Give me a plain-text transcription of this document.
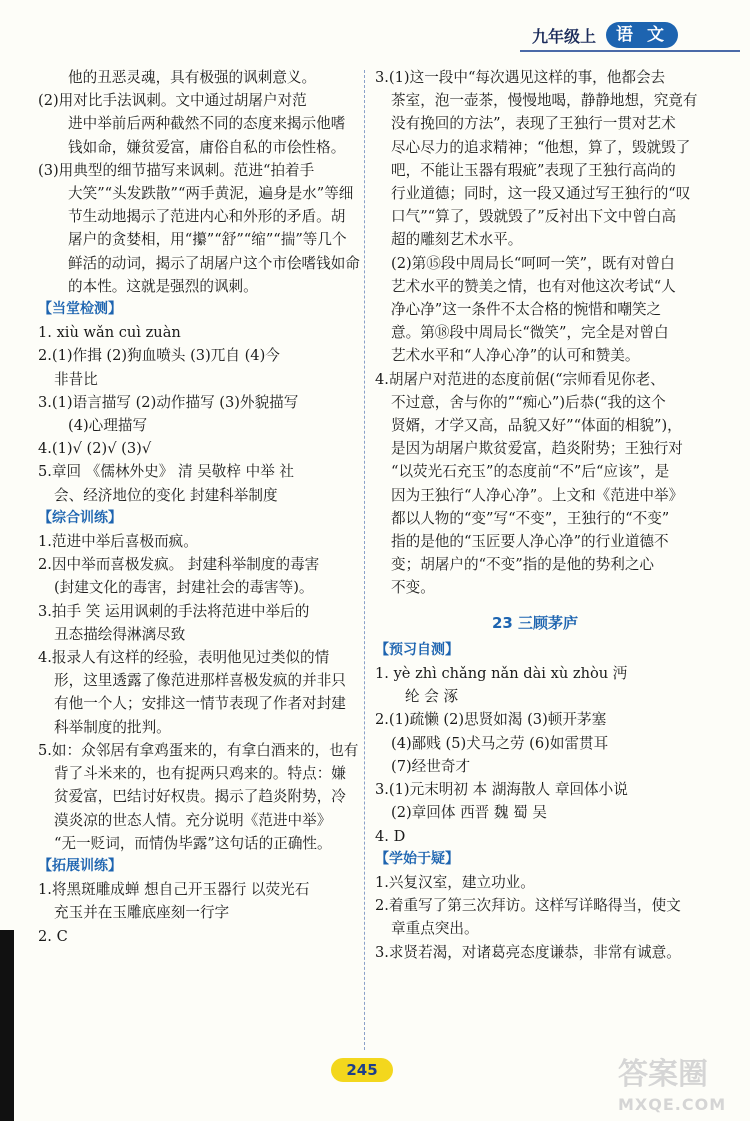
九年级上	语 文
他的丑恶灵魂，具有极强的讽刺意义。
(2)用对比手法讽刺。文中通过胡屠户对范
进中举前后两种截然不同的态度来揭示他嗜
钱如命，嫌贫爱富，庸俗自私的市侩性格。
(3)用典型的细节描写来讽刺。范进“拍着手
大笑”“头发跌散”“两手黄泥，遍身是水”等细
节生动地揭示了范进内心和外形的矛盾。胡
屠户的贪婪相，用“攥”“舒”“缩”“揣”等几个
鲜活的动词，揭示了胡屠户这个市侩嗜钱如命
的本性。这就是强烈的讽刺。
【当堂检测】
1. xiù wǎn cuì zuàn
2.(1)作揖 (2)狗血喷头 (3)兀自 (4)今
非昔比
3.(1)语言描写 (2)动作描写 (3)外貌描写
(4)心理描写
4.(1)√ (2)√ (3)√
5.章回 《儒林外史》 清 吴敬梓 中举 社
会、经济地位的变化 封建科举制度
【综合训练】
1.范进中举后喜极而疯。
2.因中举而喜极发疯。 封建科举制度的毒害
(封建文化的毒害，封建社会的毒害等)。
3.拍手 笑 运用讽刺的手法将范进中举后的
丑态描绘得淋漓尽致
4.报录人有这样的经验，表明他见过类似的情
形，这里透露了像范进那样喜极发疯的并非只
有他一个人；安排这一情节表现了作者对封建
科举制度的批判。
5.如：众邻居有拿鸡蛋来的，有拿白酒来的，也有
背了斗米来的，也有捉两只鸡来的。特点：嫌
贫爱富，巴结讨好权贵。揭示了趋炎附势，冷
漠炎凉的世态人情。充分说明《范进中举》
“无一贬词，而情伪毕露”这句话的正确性。
【拓展训练】
1.将黑斑雕成蝉 想自己开玉器行 以荧光石
充玉并在玉雕底座刻一行字
2. C
3.(1)这一段中“每次遇见这样的事，他都会去
茶室，泡一壶茶，慢慢地喝，静静地想，究竟有
没有挽回的方法”，表现了王独行一贯对艺术
尽心尽力的追求精神；“他想，算了，毁就毁了
吧，不能让玉器有瑕疵”表现了王独行高尚的
行业道德；同时，这一段又通过写王独行的“叹
口气”“算了，毁就毁了”反衬出下文中曾白高
超的雕刻艺术水平。
(2)第⑮段中周局长“呵呵一笑”，既有对曾白
艺术水平的赞美之情，也有对他这次考试“人
净心净”这一条件不太合格的惋惜和嘲笑之
意。第⑱段中周局长“微笑”，完全是对曾白
艺术水平和“人净心净”的认可和赞美。
4.胡屠户对范进的态度前倨(“宗师看见你老、
不过意，舍与你的”“痴心”)后恭(“我的这个
贤婿，才学又高，品貌又好”“体面的相貌”)，
是因为胡屠户欺贫爱富，趋炎附势；王独行对
“以荧光石充玉”的态度前“不”后“应该”，是
因为王独行“人净心净”。上文和《范进中举》
都以人物的“变”写“不变”，王独行的“不变”
指的是他的“玉匠要人净心净”的行业道德不
变；胡屠户的“不变”指的是他的势利之心
不变。
23 三顾茅庐
【预习自测】
1. yè zhì chǎng nǎn dài xù zhòu 沔
纶 会 涿
2.(1)疏懒 (2)思贤如渴 (3)顿开茅塞
(4)鄙贱 (5)犬马之劳 (6)如雷贯耳
(7)经世奇才
3.(1)元末明初 本 湖海散人 章回体小说
(2)章回体 西晋 魏 蜀 吴
4. D
【学始于疑】
1.兴复汉室，建立功业。
2.着重写了第三次拜访。这样写详略得当，使文
章重点突出。
3.求贤若渴，对诸葛亮态度谦恭，非常有诚意。
245	答案圈
MXQE.COM
